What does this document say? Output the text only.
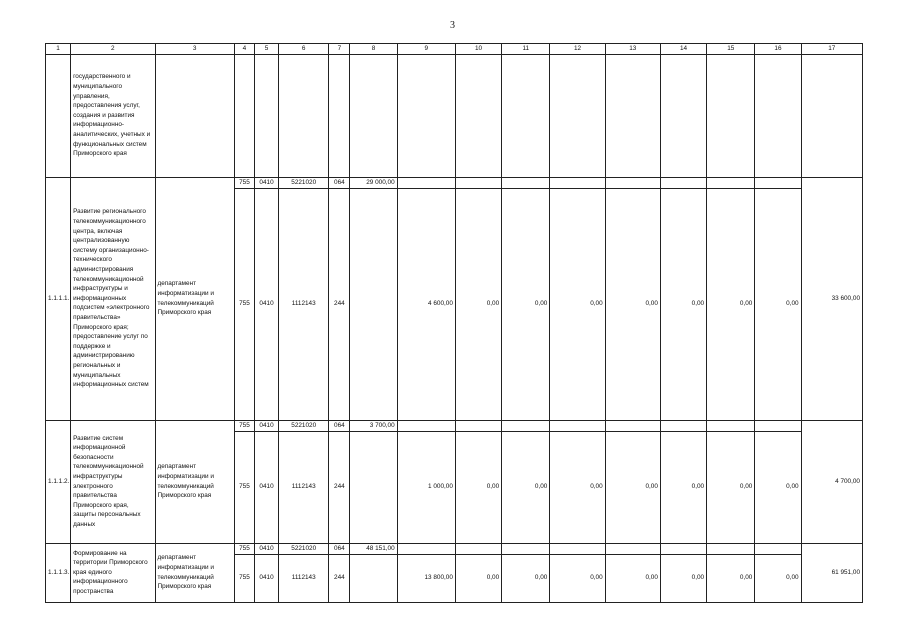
3
1	2	3	4	5	6	7	8	9	10	11	12	13	14	15	16	17
	государственного и муниципального управления, предоставления услуг, создания и развития информационно-аналитических, учетных и функциональных систем Приморского края															
1.1.1.1.	Развитие регионального телекоммуникационного центра, включая централизованную систему организационно-технического администрирования телекоммуникационной инфраструктуры и информационных подсистем «электронного правительства» Приморского края; предоставление услуг по поддержке и администрированию региональных и муниципальных информационных систем	департамент информатизации и телекоммуникаций Приморского края	755	0410	5221020	064	29 000,00									33 600,00
			755	0410	1112143	244		4 600,00	0,00	0,00	0,00	0,00	0,00	0,00	0,00	
1.1.1.2.	Развитие систем информационной безопасности телекоммуникационной инфраструктуры электронного правительства Приморского края, защиты персональных данных	департамент информатизации и телекоммуникаций Приморского края	755	0410	5221020	064	3 700,00									4 700,00
			755	0410	1112143	244		1 000,00	0,00	0,00	0,00	0,00	0,00	0,00	0,00	
1.1.1.3.	Формирование на территории Приморского края единого информационного пространства	департамент информатизации и телекоммуникаций Приморского края	755	0410	5221020	064	48 151,00									61 951,00
			755	0410	1112143	244		13 800,00	0,00	0,00	0,00	0,00	0,00	0,00	0,00	
